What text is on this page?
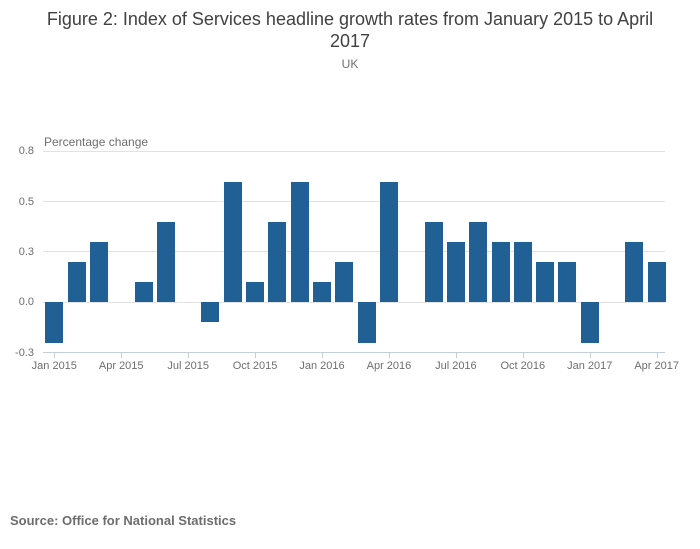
Figure 2: Index of Services headline growth rates from January 2015 to April 2017
UK
Percentage change
0.8
0.5
0.3
0.0
-0.3
Jan 2015	Apr 2015	Jul 2015	Oct 2015	Jan 2016	Apr 2016	Jul 2016	Oct 2016	Jan 2017	Apr 2017
Source: Office for National Statistics
